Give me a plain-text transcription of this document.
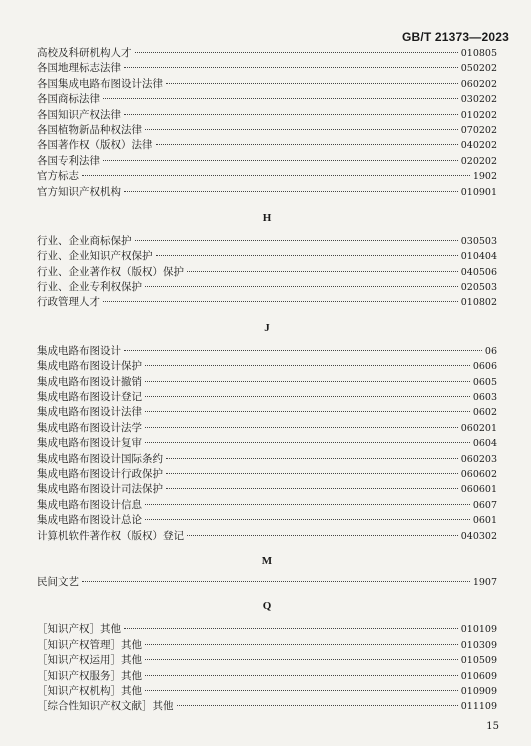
GB/T 21373—2023
高校及科研机构人才	010805
各国地理标志法律	050202
各国集成电路布图设计法律	060202
各国商标法律	030202
各国知识产权法律	010202
各国植物新品种权法律	070202
各国著作权（版权）法律	040202
各国专利法律	020202
官方标志	1902
官方知识产权机构	010901
H
行业、企业商标保护	030503
行业、企业知识产权保护	010404
行业、企业著作权（版权）保护	040506
行业、企业专利权保护	020503
行政管理人才	010802
J
集成电路布图设计	06
集成电路布图设计保护	0606
集成电路布图设计撤销	0605
集成电路布图设计登记	0603
集成电路布图设计法律	0602
集成电路布图设计法学	060201
集成电路布图设计复审	0604
集成电路布图设计国际条约	060203
集成电路布图设计行政保护	060602
集成电路布图设计司法保护	060601
集成电路布图设计信息	0607
集成电路布图设计总论	0601
计算机软件著作权（版权）登记	040302
M
民间文艺	1907
Q
［知识产权］其他	010109
［知识产权管理］其他	010309
［知识产权运用］其他	010509
［知识产权服务］其他	010609
［知识产权机构］其他	010909
［综合性知识产权文献］其他	011109
15
